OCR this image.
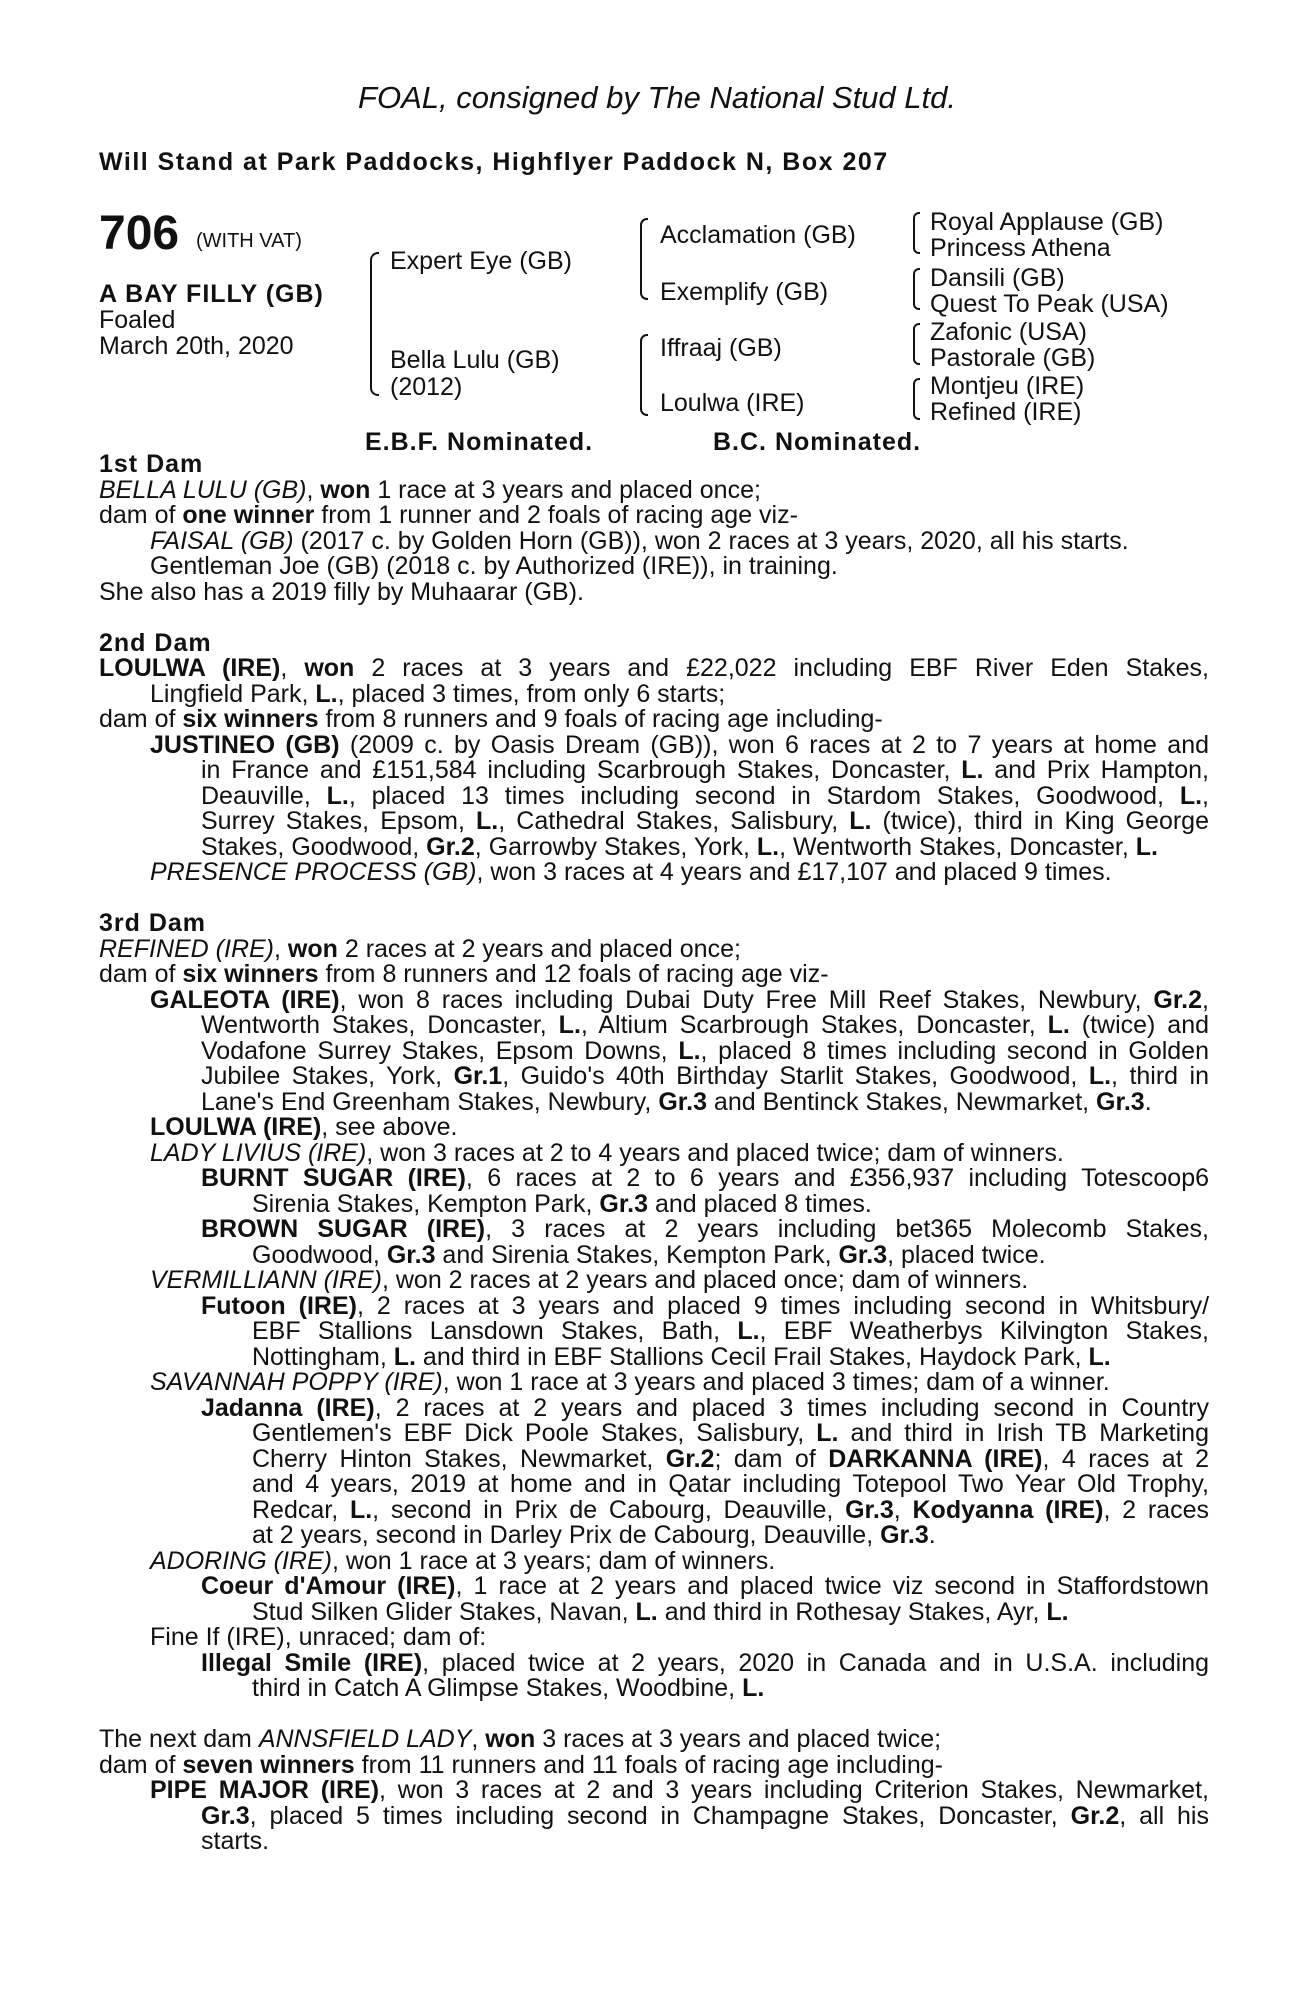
FOAL, consigned by The National Stud Ltd.
Will Stand at Park Paddocks, Highflyer Paddock N, Box 207
706 (WITH VAT)
A BAY FILLY (GB)
Foaled
March 20th, 2020
Expert Eye (GB)
Bella Lulu (GB)
(2012)
Acclamation (GB)
Exemplify (GB)
Iffraaj (GB)
Loulwa (IRE)
Royal Applause (GB)
Princess Athena
Dansili (GB)
Quest To Peak (USA)
Zafonic (USA)
Pastorale (GB)
Montjeu (IRE)
Refined (IRE)
E.B.F. Nominated.	B.C. Nominated.
1st Dam
BELLA LULU (GB), won 1 race at 3 years and placed once;
dam of one winner from 1 runner and 2 foals of racing age viz-
FAISAL (GB) (2017 c. by Golden Horn (GB)), won 2 races at 3 years, 2020, all his starts.
Gentleman Joe (GB) (2018 c. by Authorized (IRE)), in training.
She also has a 2019 filly by Muhaarar (GB).
2nd Dam
LOULWA (IRE), won 2 races at 3 years and £22,022 including EBF River Eden Stakes,
Lingfield Park, L., placed 3 times, from only 6 starts;
dam of six winners from 8 runners and 9 foals of racing age including-
JUSTINEO (GB) (2009 c. by Oasis Dream (GB)), won 6 races at 2 to 7 years at home and
in France and £151,584 including Scarbrough Stakes, Doncaster, L. and Prix Hampton,
Deauville, L., placed 13 times including second in Stardom Stakes, Goodwood, L.,
Surrey Stakes, Epsom, L., Cathedral Stakes, Salisbury, L. (twice), third in King George
Stakes, Goodwood, Gr.2, Garrowby Stakes, York, L., Wentworth Stakes, Doncaster, L.
PRESENCE PROCESS (GB), won 3 races at 4 years and £17,107 and placed 9 times.
3rd Dam
REFINED (IRE), won 2 races at 2 years and placed once;
dam of six winners from 8 runners and 12 foals of racing age viz-
GALEOTA (IRE), won 8 races including Dubai Duty Free Mill Reef Stakes, Newbury, Gr.2,
Wentworth Stakes, Doncaster, L., Altium Scarbrough Stakes, Doncaster, L. (twice) and
Vodafone Surrey Stakes, Epsom Downs, L., placed 8 times including second in Golden
Jubilee Stakes, York, Gr.1, Guido's 40th Birthday Starlit Stakes, Goodwood, L., third in
Lane's End Greenham Stakes, Newbury, Gr.3 and Bentinck Stakes, Newmarket, Gr.3.
LOULWA (IRE), see above.
LADY LIVIUS (IRE), won 3 races at 2 to 4 years and placed twice; dam of winners.
BURNT SUGAR (IRE), 6 races at 2 to 6 years and £356,937 including Totescoop6
Sirenia Stakes, Kempton Park, Gr.3 and placed 8 times.
BROWN SUGAR (IRE), 3 races at 2 years including bet365 Molecomb Stakes,
Goodwood, Gr.3 and Sirenia Stakes, Kempton Park, Gr.3, placed twice.
VERMILLIANN (IRE), won 2 races at 2 years and placed once; dam of winners.
Futoon (IRE), 2 races at 3 years and placed 9 times including second in Whitsbury/
EBF Stallions Lansdown Stakes, Bath, L., EBF Weatherbys Kilvington Stakes,
Nottingham, L. and third in EBF Stallions Cecil Frail Stakes, Haydock Park, L.
SAVANNAH POPPY (IRE), won 1 race at 3 years and placed 3 times; dam of a winner.
Jadanna (IRE), 2 races at 2 years and placed 3 times including second in Country
Gentlemen's EBF Dick Poole Stakes, Salisbury, L. and third in Irish TB Marketing
Cherry Hinton Stakes, Newmarket, Gr.2; dam of DARKANNA (IRE), 4 races at 2
and 4 years, 2019 at home and in Qatar including Totepool Two Year Old Trophy,
Redcar, L., second in Prix de Cabourg, Deauville, Gr.3, Kodyanna (IRE), 2 races
at 2 years, second in Darley Prix de Cabourg, Deauville, Gr.3.
ADORING (IRE), won 1 race at 3 years; dam of winners.
Coeur d'Amour (IRE), 1 race at 2 years and placed twice viz second in Staffordstown
Stud Silken Glider Stakes, Navan, L. and third in Rothesay Stakes, Ayr, L.
Fine If (IRE), unraced; dam of:
Illegal Smile (IRE), placed twice at 2 years, 2020 in Canada and in U.S.A. including
third in Catch A Glimpse Stakes, Woodbine, L.
The next dam ANNSFIELD LADY, won 3 races at 3 years and placed twice;
dam of seven winners from 11 runners and 11 foals of racing age including-
PIPE MAJOR (IRE), won 3 races at 2 and 3 years including Criterion Stakes, Newmarket,
Gr.3, placed 5 times including second in Champagne Stakes, Doncaster, Gr.2, all his
starts.
